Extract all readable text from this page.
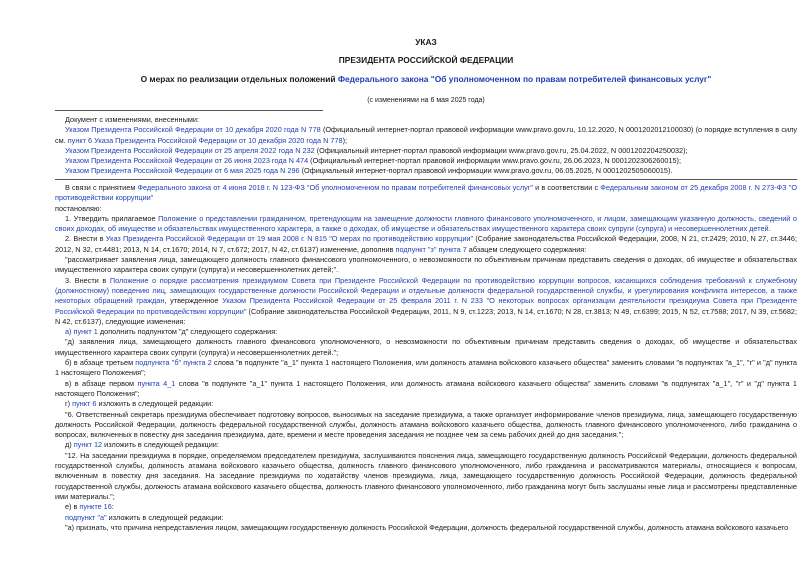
УКАЗ
ПРЕЗИДЕНТА РОССИЙСКОЙ ФЕДЕРАЦИИ
О мерах по реализации отдельных положений Федерального закона "Об уполномоченном по правам потребителей финансовых услуг"
(с изменениями на 6 мая 2025 года)

Документ с изменениями, внесенными:

Указом Президента Российской Федерации от 10 декабря 2020 года N 778 (Официальный интернет-портал правовой информации www.pravo.gov.ru, 10.12.2020, N 0001202012100030) (о порядке вступления в силу см. пункт 6 Указа Президента Российской Федерации от 10 декабря 2020 года N 778);

Указом Президента Российской Федерации от 25 апреля 2022 года N 232 (Официальный интернет-портал правовой информации www.pravo.gov.ru, 25.04.2022, N 0001202204250032);

Указом Президента Российской Федерации от 26 июня 2023 года N 474 (Официальный интернет-портал правовой информации www.pravo.gov.ru, 26.06.2023, N 0001202306260015);

Указом Президента Российской Федерации от 6 мая 2025 года N 296 (Официальный интернет-портал правовой информации www.pravo.gov.ru, 06.05.2025, N 0001202505060015).

В связи с принятием Федерального закона от 4 июня 2018 г. N 123-ФЗ "Об уполномоченном по правам потребителей финансовых услуг" и в соответствии с Федеральным законом от 25 декабря 2008 г. N 273-ФЗ "О противодействии коррупции"

постановляю:

1. Утвердить прилагаемое Положение о представлении гражданином, претендующим на замещение должности главного финансового уполномоченного, и лицом, замещающим указанную должность, сведений о своих доходах, об имуществе и обязательствах имущественного характера, а также о доходах, об имуществе и обязательствах имущественного характера своих супруги (супруга) и несовершеннолетних детей.

2. Внести в Указ Президента Российской Федерации от 19 мая 2008 г. N 815 "О мерах по противодействию коррупции" (Собрание законодательства Российской Федерации, 2008, N 21, ст.2429; 2010, N 27, ст.3446; 2012, N 32, ст.4481; 2013, N 14, ст.1670; 2014, N 7, ст.672; 2017, N 42, ст.6137) изменение, дополнив подпункт "з" пункта 7 абзацем следующего содержания:

"рассматривает заявления лица, замещающего должность главного финансового уполномоченного, о невозможности по объективным причинам представить сведения о доходах, об имуществе и обязательствах имущественного характера своих супруги (супруга) и несовершеннолетних детей;".

3. Внести в Положение о порядке рассмотрения президиумом Совета при Президенте Российской Федерации по противодействию коррупции вопросов, касающихся соблюдения требований к служебному (должностному) поведению лиц, замещающих государственные должности Российской Федерации и отдельные должности федеральной государственной службы, и урегулирования конфликта интересов, а также некоторых обращений граждан, утвержденное Указом Президента Российской Федерации от 25 февраля 2011 г. N 233 "О некоторых вопросах организации деятельности президиума Совета при Президенте Российской Федерации по противодействию коррупции" (Собрание законодательства Российской Федерации, 2011, N 9, ст.1223; 2013, N 14, ст.1670; N 28, ст.3813; N 49, ст.6399; 2015, N 52, ст.7588; 2017, N 39, ст.5682; N 42, ст.6137), следующие изменения:

а) пункт 1 дополнить подпунктом "д" следующего содержания:

"д) заявления лица, замещающего должность главного финансового уполномоченного, о невозможности по объективным причинам представить сведения о доходах, об имуществе и обязательствах имущественного характера своих супруги (супруга) и несовершеннолетних детей.";

б) в абзаце третьем подпункта "б" пункта 2 слова "в подпункте "а_1" пункта 1 настоящего Положения, или должность атамана войскового казачьего общества" заменить словами "в подпунктах "а_1", "г" и "д" пункта 1 настоящего Положения";

в) в абзаце первом пункта 4_1 слова "в подпункте "а_1" пункта 1 настоящего Положения, или должность атамана войскового казачьего общества" заменить словами "в подпунктах "а_1", "г" и "д" пункта 1 настоящего Положения";

г) пункт 6 изложить в следующей редакции:

"6. Ответственный секретарь президиума обеспечивает подготовку вопросов, выносимых на заседание президиума, а также организует информирование членов президиума, лица, замещающего государственную должность Российской Федерации, должность федеральной государственной службы, должность атамана войскового казачьего общества, должность главного финансового уполномоченного, либо гражданина о вопросах, включенных в повестку дня заседания президиума, дате, времени и месте проведения заседания не позднее чем за семь рабочих дней до дня заседания.";

д) пункт 12 изложить в следующей редакции:

"12. На заседании президиума в порядке, определяемом председателем президиума, заслушиваются пояснения лица, замещающего государственную должность Российской Федерации, должность федеральной государственной службы, должность атамана войскового казачьего общества, должность главного финансового уполномоченного, либо гражданина и рассматриваются материалы, относящиеся к вопросам, включенным в повестку дня заседания. На заседание президиума по ходатайству членов президиума, лица, замещающего государственную должность Российской Федерации, должность федеральной государственной службы, должность атамана войскового казачьего общества, должность главного финансового уполномоченного, либо гражданина могут быть заслушаны иные лица и рассмотрены представленные ими материалы.";

е) в пункте 16:

подпункт "а" изложить в следующей редакции:

"а) признать, что причина непредставления лицом, замещающим государственную должность Российской Федерации, должность федеральной государственной службы, должность атамана войскового казачьего
